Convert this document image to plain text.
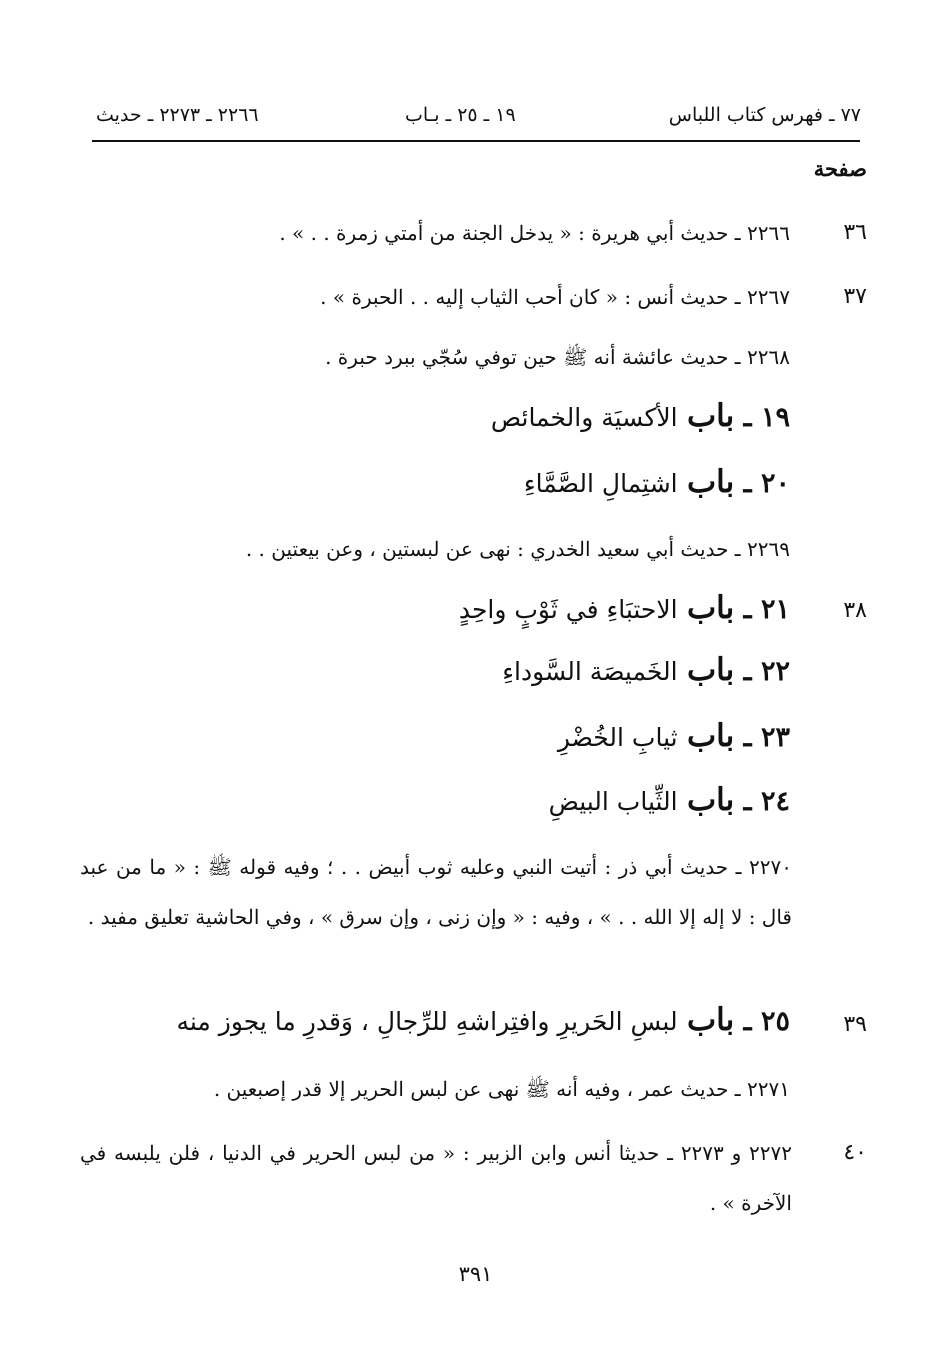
٧٧ ـ فهرس كتاب اللباس
١٩ ـ ٢٥ ـ بـاب
٢٢٦٦ ـ ٢٢٧٣ ـ حديث
صفحة
٣٦
٢٢٦٦ ـ حديث أبي هريرة : « يدخل الجنة من أمتي زمرة . . » .
٣٧
٢٢٦٧ ـ حديث أنس : « كان أحب الثياب إليه . . الحبرة » .
٢٢٦٨ ـ حديث عائشة أنه ﷺ حين توفي سُجّي ببرد حبرة .
١٩ ـ باب الأكسيَة والخمائص
٢٠ ـ باب اشتِمالِ الصَّمَّاءِ
٢٢٦٩ ـ حديث أبي سعيد الخدري : نهى عن لبستين ، وعن بيعتين . .
٣٨
٢١ ـ باب الاحتبَاءِ في ثَوْبٍ واحِدٍ
٢٢ ـ باب الخَميصَة السَّوداءِ
٢٣ ـ باب ثيابِ الخُضْرِ
٢٤ ـ باب الثِّياب البيضِ
٢٢٧٠ ـ حديث أبي ذر : أتيت النبي وعليه ثوب أبيض . . ؛ وفيه قوله ﷺ : « ما من عبد قال : لا إله إلا الله . . » ، وفيه : « وإن زنى ، وإن سرق » ، وفي الحاشية تعليق مفيد .
٣٩
٢٥ ـ باب لبسِ الحَريرِ وافتِراشهِ للرِّجالِ ، وَقدرِ ما يجوز منه
٢٢٧١ ـ حديث عمر ، وفيه أنه ﷺ نهى عن لبس الحرير إلا قدر إصبعين .
٤٠
٢٢٧٢ و ٢٢٧٣ ـ حديثا أنس وابن الزبير : « من لبس الحرير في الدنيا ، فلن يلبسه في الآخرة » .
٣٩١
